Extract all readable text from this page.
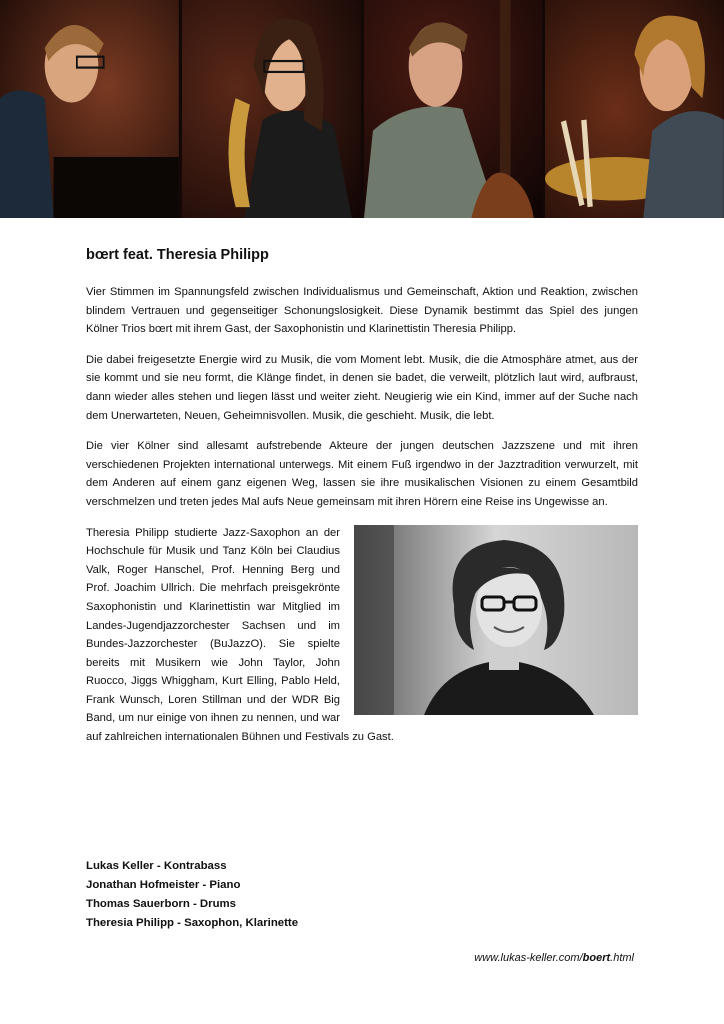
bœrt feat. Theresia Philipp

Vier Stimmen im Spannungsfeld zwischen Individualismus und Gemeinschaft, Aktion und Reaktion, zwischen blindem Vertrauen und gegenseitiger Schonungslosigkeit. Diese Dynamik bestimmt das Spiel des jungen Kölner Trios bœrt mit ihrem Gast, der Saxophonistin und Klarinettistin Theresia Philipp.

Die dabei freigesetzte Energie wird zu Musik, die vom Moment lebt. Musik, die die Atmosphäre atmet, aus der sie kommt und sie neu formt, die Klänge findet, in denen sie badet, die verweilt, plötzlich laut wird, aufbraust, dann wieder alles stehen und liegen lässt und weiter zieht. Neugierig wie ein Kind, immer auf der Suche nach dem Unerwarteten, Neuen, Geheimnisvollen. Musik, die geschieht. Musik, die lebt.

Die vier Kölner sind allesamt aufstrebende Akteure der jungen deutschen Jazzszene und mit ihren verschiedenen Projekten international unterwegs. Mit einem Fuß irgendwo in der Jazztradition verwurzelt, mit dem Anderen auf einem ganz eigenen Weg, lassen sie ihre musikalischen Visionen zu einem Gesamtbild verschmelzen und treten jedes Mal aufs Neue gemeinsam mit ihren Hörern eine Reise ins Ungewisse an.

Theresia Philipp studierte Jazz-Saxophon an der Hochschule für Musik und Tanz Köln bei Claudius Valk, Roger Hanschel, Prof. Henning Berg und Prof. Joachim Ullrich. Die mehrfach preisgekrönte Saxophonistin und Klarinettistin war Mitglied im Landes-Jugendjazzorchester Sachsen und im Bundes-Jazzorchester (BuJazzO). Sie spielte bereits mit Musikern wie John Taylor, John Ruocco, Jiggs Whiggham, Kurt Elling, Pablo Held, Frank Wunsch, Loren Stillman und der WDR Big Band, um nur einige von ihnen zu nennen, und war auf zahlreichen internationalen Bühnen und Festivals zu Gast.

Lukas Keller - Kontrabass
Jonathan Hofmeister - Piano
Thomas Sauerborn - Drums
Theresia Philipp - Saxophon, Klarinette
www.lukas-keller.com/boert.html
